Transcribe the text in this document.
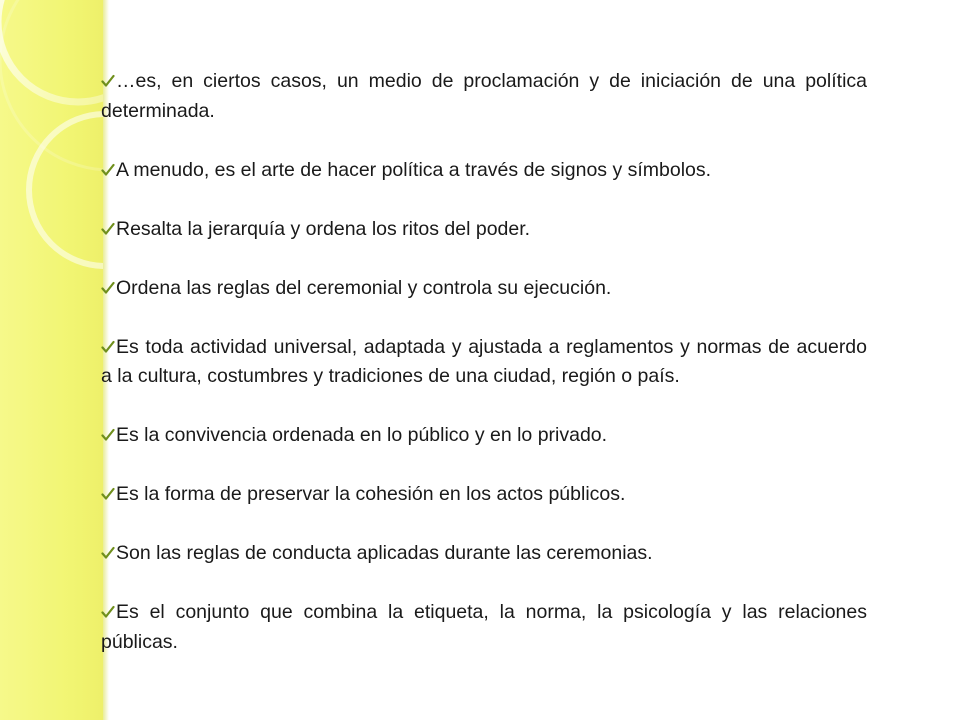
…es, en ciertos casos, un medio de proclamación y de iniciación de una política determinada.

A menudo, es el arte de hacer política a través de signos y símbolos.

Resalta la jerarquía y ordena los ritos del poder.

Ordena las reglas del ceremonial y controla su ejecución.

Es toda actividad universal, adaptada y ajustada a reglamentos y normas de acuerdo a la cultura, costumbres y tradiciones de una ciudad, región o país.

Es la convivencia ordenada en lo público y en lo privado.

Es la forma de preservar la cohesión en los actos públicos.

Son las reglas de conducta aplicadas durante las ceremonias.

Es el conjunto que combina la etiqueta, la norma, la psicología y las relaciones públicas.
